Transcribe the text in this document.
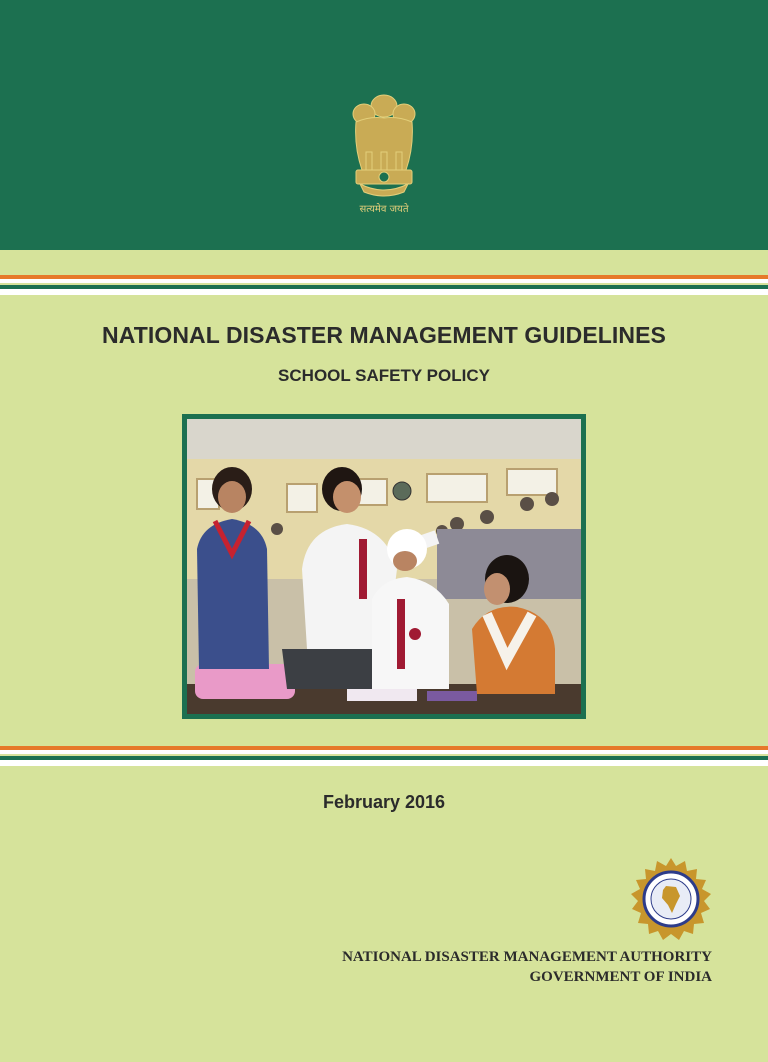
सत्यमेव जयते
NATIONAL DISASTER MANAGEMENT GUIDELINES
SCHOOL SAFETY POLICY
February 2016
NATIONAL DISASTER MANAGEMENT AUTHORITY
GOVERNMENT OF INDIA
